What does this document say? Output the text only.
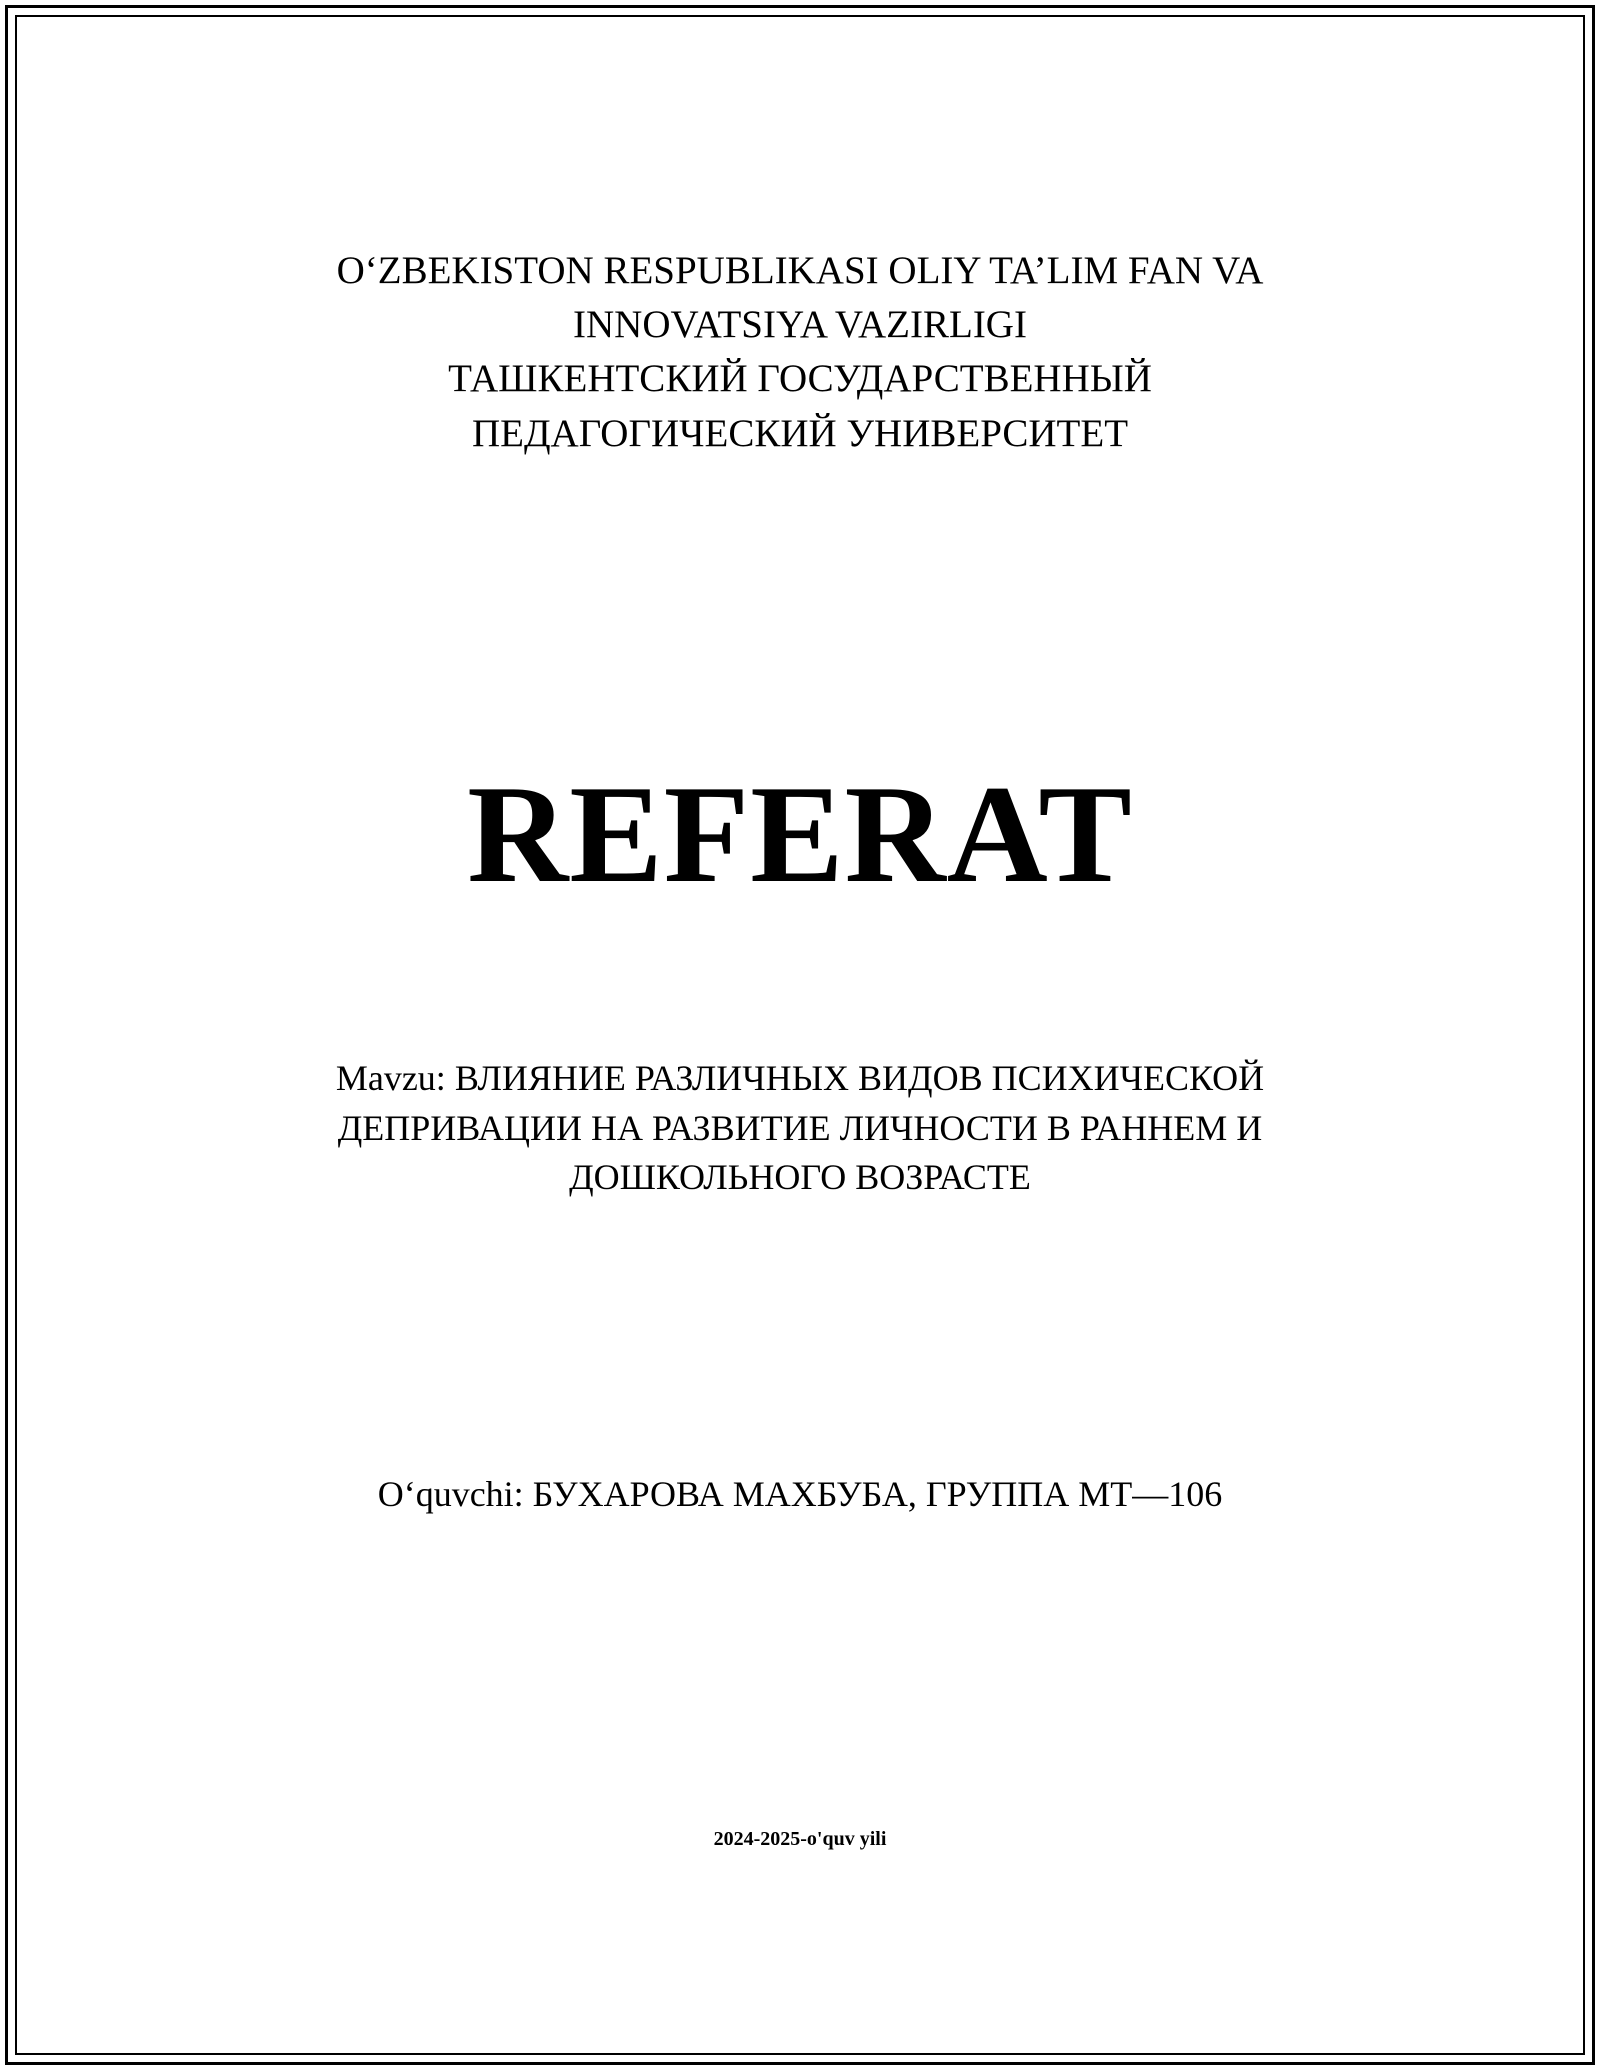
O‘ZBEKISTON RESPUBLIKASI OLIY TA’LIM FAN VA
INNOVATSIYA VAZIRLIGI
ТАШКЕНТСКИЙ ГОСУДАРСТВЕННЫЙ
ПЕДАГОГИЧЕСКИЙ УНИВЕРСИТЕТ
REFERAT
Mavzu: ВЛИЯНИЕ РАЗЛИЧНЫХ ВИДОВ ПСИХИЧЕСКОЙ
ДЕПРИВАЦИИ НА РАЗВИТИЕ ЛИЧНОСТИ В РАННЕМ И
ДОШКОЛЬНОГО ВОЗРАСТЕ
O‘quvchi: БУХАРОВА МАХБУБА, ГРУППА МТ—106
2024-2025-o'quv yili
